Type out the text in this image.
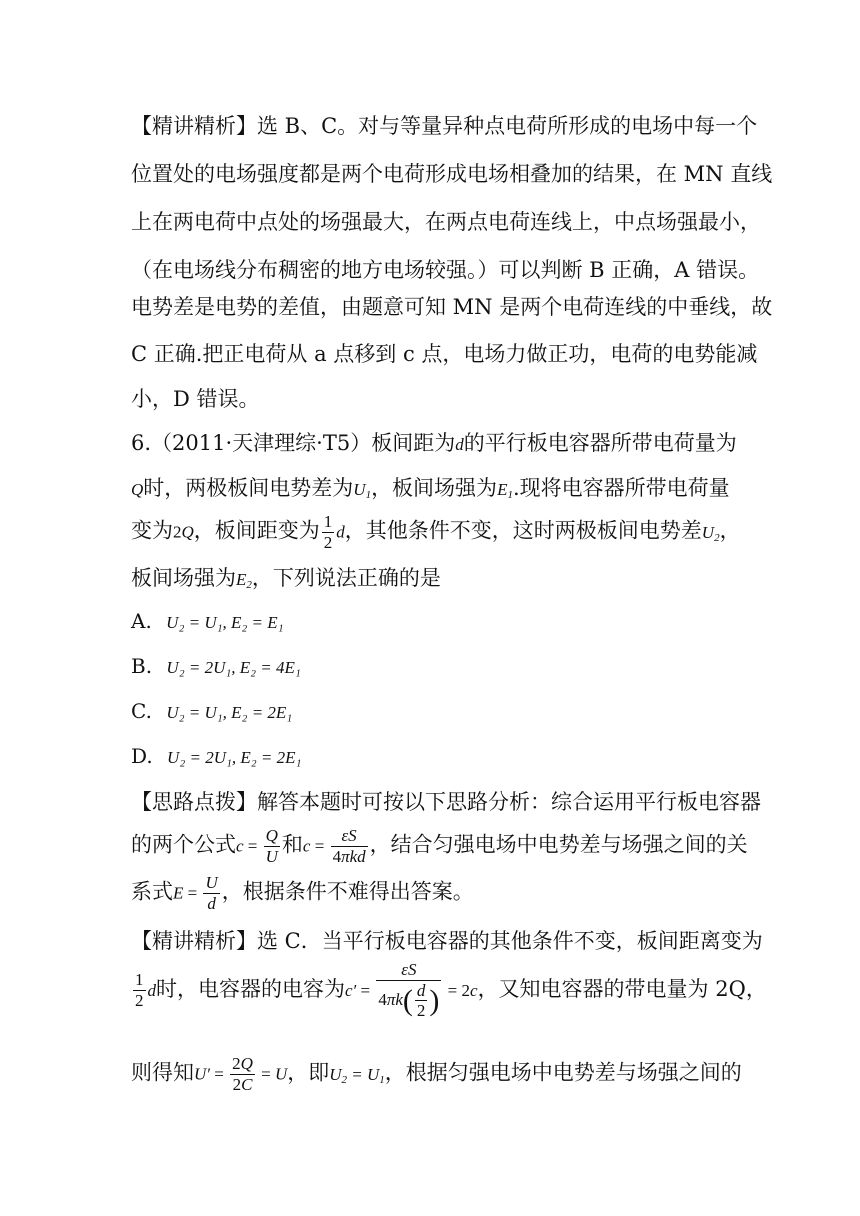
【精讲精析】选 B、C。对与等量异种点电荷所形成的电场中每一个
位置处的电场强度都是两个电荷形成电场相叠加的结果，在 MN 直线
上在两电荷中点处的场强最大，在两点电荷连线上，中点场强最小，
（在电场线分布稠密的地方电场较强。）可以判断 B 正确，A 错误。
电势差是电势的差值，由题意可知 MN 是两个电荷连线的中垂线，故
C 正确.把正电荷从 a 点移到 c 点，电场力做正功，电荷的电势能减
小，D 错误。
6.（2011·天津理综·T5）板间距为d的平行板电容器所带电荷量为
Q时，两极板间电势差为$U_1$，板间场强为$E_1$.现将电容器所带电荷量
变为2Q，板间距变为 $\frac{1}{2}$ d，其他条件不变，这时两极板间电势差$U_2$，
板间场强为$E_2$，下列说法正确的是
A. U₂ = U₁, E₂ = E₁
B. U₂ = 2U₁, E₂ = 4E₁
C. U₂ = U₁, E₂ = 2E₁
D. U₂ = 2U₁, E₂ = 2E₁
【思路点拨】解答本题时可按以下思路分析：综合运用平行板电容器
的两个公式$c = \frac{Q}{U}$ 和$c = \frac{\varepsilon S}{\text{4πkd}}$ ，结合匀强电场中电势差与场强之间的关
系式$E = \frac{U}{d}$ ，根据条件不难得出答案。
【精讲精析】选 C．当平行板电容器的其他条件不变，板间距离变为
$\frac{1}{2}$ d时，电容器的电容为$c' = \frac{\varepsilon S}{4\pi k( \frac{d}{2} )} = 2c$，又知电容器的带电量为 2Q，
则得知$U' = \frac{2Q}{2C} = U$，即$U_2 = U_1$，根据匀强电场中电势差与场强之间的
